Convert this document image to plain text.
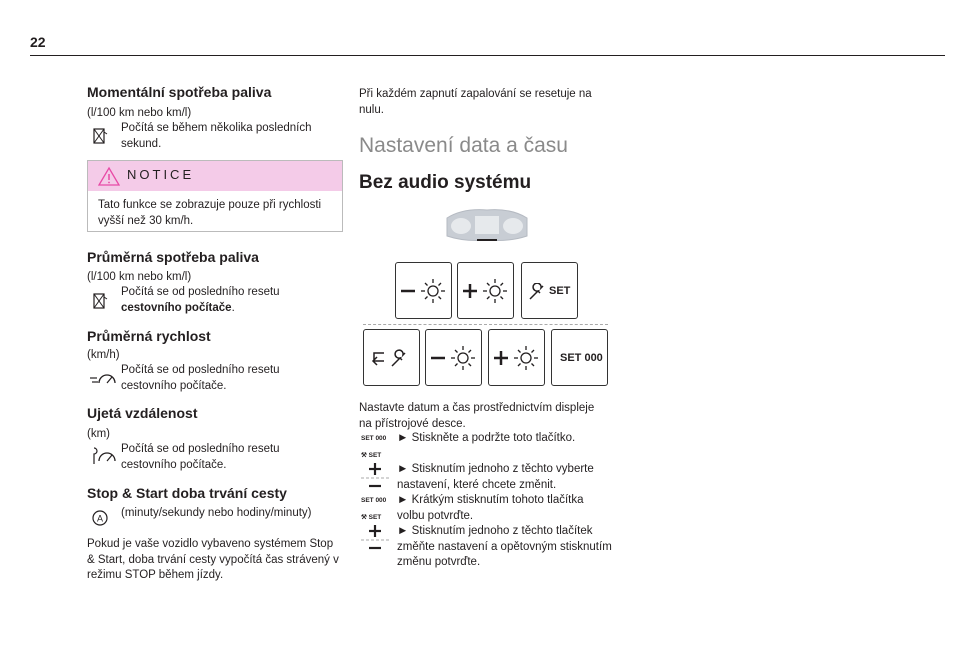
22
Momentální spotřeba paliva
(l/100 km nebo km/l)
Počítá se během několika posledních sekund.
NOTICE
Tato funkce se zobrazuje pouze při rychlosti vyšší než 30 km/h.
Průměrná spotřeba paliva
(l/100 km nebo km/l)
Počítá se od posledního resetu
cestovního počítače.
Průměrná rychlost
(km/h)
Počítá se od posledního resetu cestovního počítače.
Ujetá vzdálenost
(km)
Počítá se od posledního resetu cestovního počítače.
Stop & Start doba trvání cesty
A (minuty/sekundy nebo hodiny/minuty)
Pokud je vaše vozidlo vybaveno systémem Stop & Start, doba trvání cesty vypočítá čas strávený v režimu STOP během jízdy.
Při každém zapnutí zapalování se resetuje na nulu.
Nastavení data a času
Bez audio systému
SET
SET 000
Nastavte datum a čas prostřednictvím displeje na přístrojové desce.
SET 000
⚒ SET
► Stiskněte a podržte toto tlačítko.
► Stisknutím jednoho z těchto vyberte nastavení, které chcete změnit.
SET 000
⚒ SET
► Krátkým stisknutím tohoto tlačítka volbu potvrďte.
► Stisknutím jednoho z těchto tlačítek změňte nastavení a opětovným stisknutím změnu potvrďte.
